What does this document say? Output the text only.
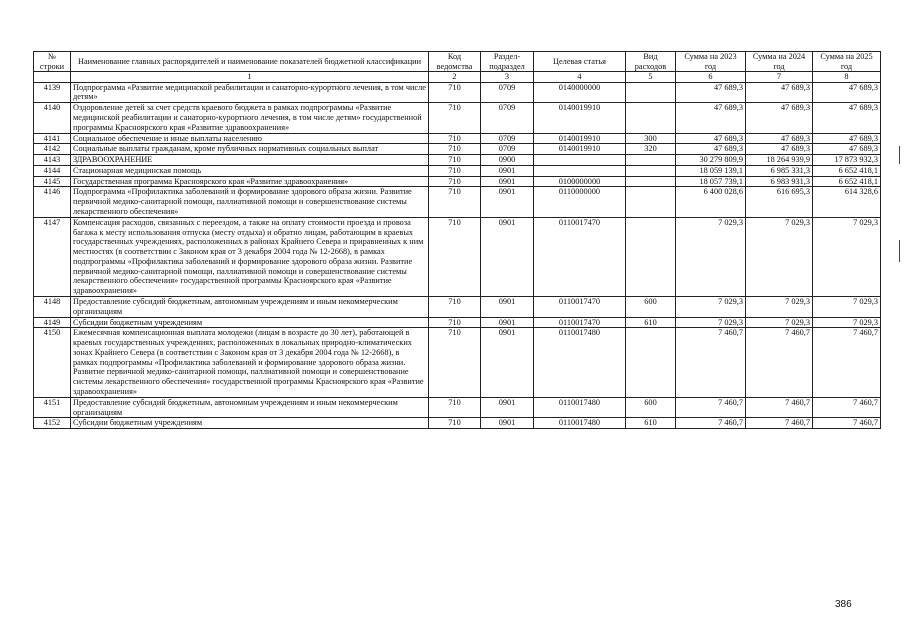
№ строки	Наименование главных распорядителей и наименование показателей бюджетной классификации	Код ведомства	Раздел-подраздел	Целевая статья	Вид расходов	Сумма на 2023 год	Сумма на 2024 год	Сумма на 2025 год
	1	2	3	4	5	6	7	8
4139	Подпрограмма «Развитие медицинской реабилитации и санаторно-курортного лечения, в том числе детям»	710	0709	0140000000		47 689,3	47 689,3	47 689,3
4140	Оздоровление детей за счет средств краевого бюджета в рамках подпрограммы «Развитие медицинской реабилитации и санаторно-курортного лечения, в том числе детям» государственной программы Красноярского края «Развитие здравоохранения»	710	0709	0140019910		47 689,3	47 689,3	47 689,3
4141	Социальное обеспечение и иные выплаты населению	710	0709	0140019910	300	47 689,3	47 689,3	47 689,3
4142	Социальные выплаты гражданам, кроме публичных нормативных социальных выплат	710	0709	0140019910	320	47 689,3	47 689,3	47 689,3
4143	ЗДРАВООХРАНЕНИЕ	710	0900			30 279 809,9	18 264 939,9	17 873 932,3
4144	Стационарная медицинская помощь	710	0901			18 059 139,1	6 985 331,3	6 652 418,1
4145	Государственная программа Красноярского края «Развитие здравоохранения»	710	0901	0100000000		18 057 739,1	6 983 931,3	6 652 418,1
4146	Подпрограмма «Профилактика заболеваний и формирование здорового образа жизни. Развитие первичной медико-санитарной помощи, паллиативной помощи и совершенствование системы лекарственного обеспечения»	710	0901	0110000000		6 400 028,6	616 695,3	614 328,6
4147	Компенсация расходов, связанных с переездом, а также на оплату стоимости проезда и провоза багажа к месту использования отпуска (месту отдыха) и обратно лицам, работающим в краевых государственных учреждениях, расположенных в районах Крайнего Севера и приравненных к ним местностях (в соответствии с Законом края от 3 декабря 2004 года № 12-2668), в рамках подпрограммы «Профилактика заболеваний и формирование здорового образа жизни. Развитие первичной медико-санитарной помощи, паллиативной помощи и совершенствование системы лекарственного обеспечения» государственной программы Красноярского края «Развитие здравоохранения»	710	0901	0110017470		7 029,3	7 029,3	7 029,3
4148	Предоставление субсидий бюджетным, автономным учреждениям и иным некоммерческим организациям	710	0901	0110017470	600	7 029,3	7 029,3	7 029,3
4149	Субсидии бюджетным учреждениям	710	0901	0110017470	610	7 029,3	7 029,3	7 029,3
4150	Ежемесячная компенсационная выплата молодежи (лицам в возрасте до 30 лет), работающей в краевых государственных учреждениях, расположенных в локальных природно-климатических зонах Крайнего Севера (в соответствии с Законом края от 3 декабря 2004 года № 12-2668), в рамках подпрограммы «Профилактика заболеваний и формирование здорового образа жизни. Развитие первичной медико-санитарной помощи, паллиативной помощи и совершенствование системы лекарственного обеспечения» государственной программы Красноярского края «Развитие здравоохранения»	710	0901	0110017480		7 460,7	7 460,7	7 460,7
4151	Предоставление субсидий бюджетным, автономным учреждениям и иным некоммерческим организациям	710	0901	0110017480	600	7 460,7	7 460,7	7 460,7
4152	Субсидии бюджетным учреждениям	710	0901	0110017480	610	7 460,7	7 460,7	7 460,7
386
